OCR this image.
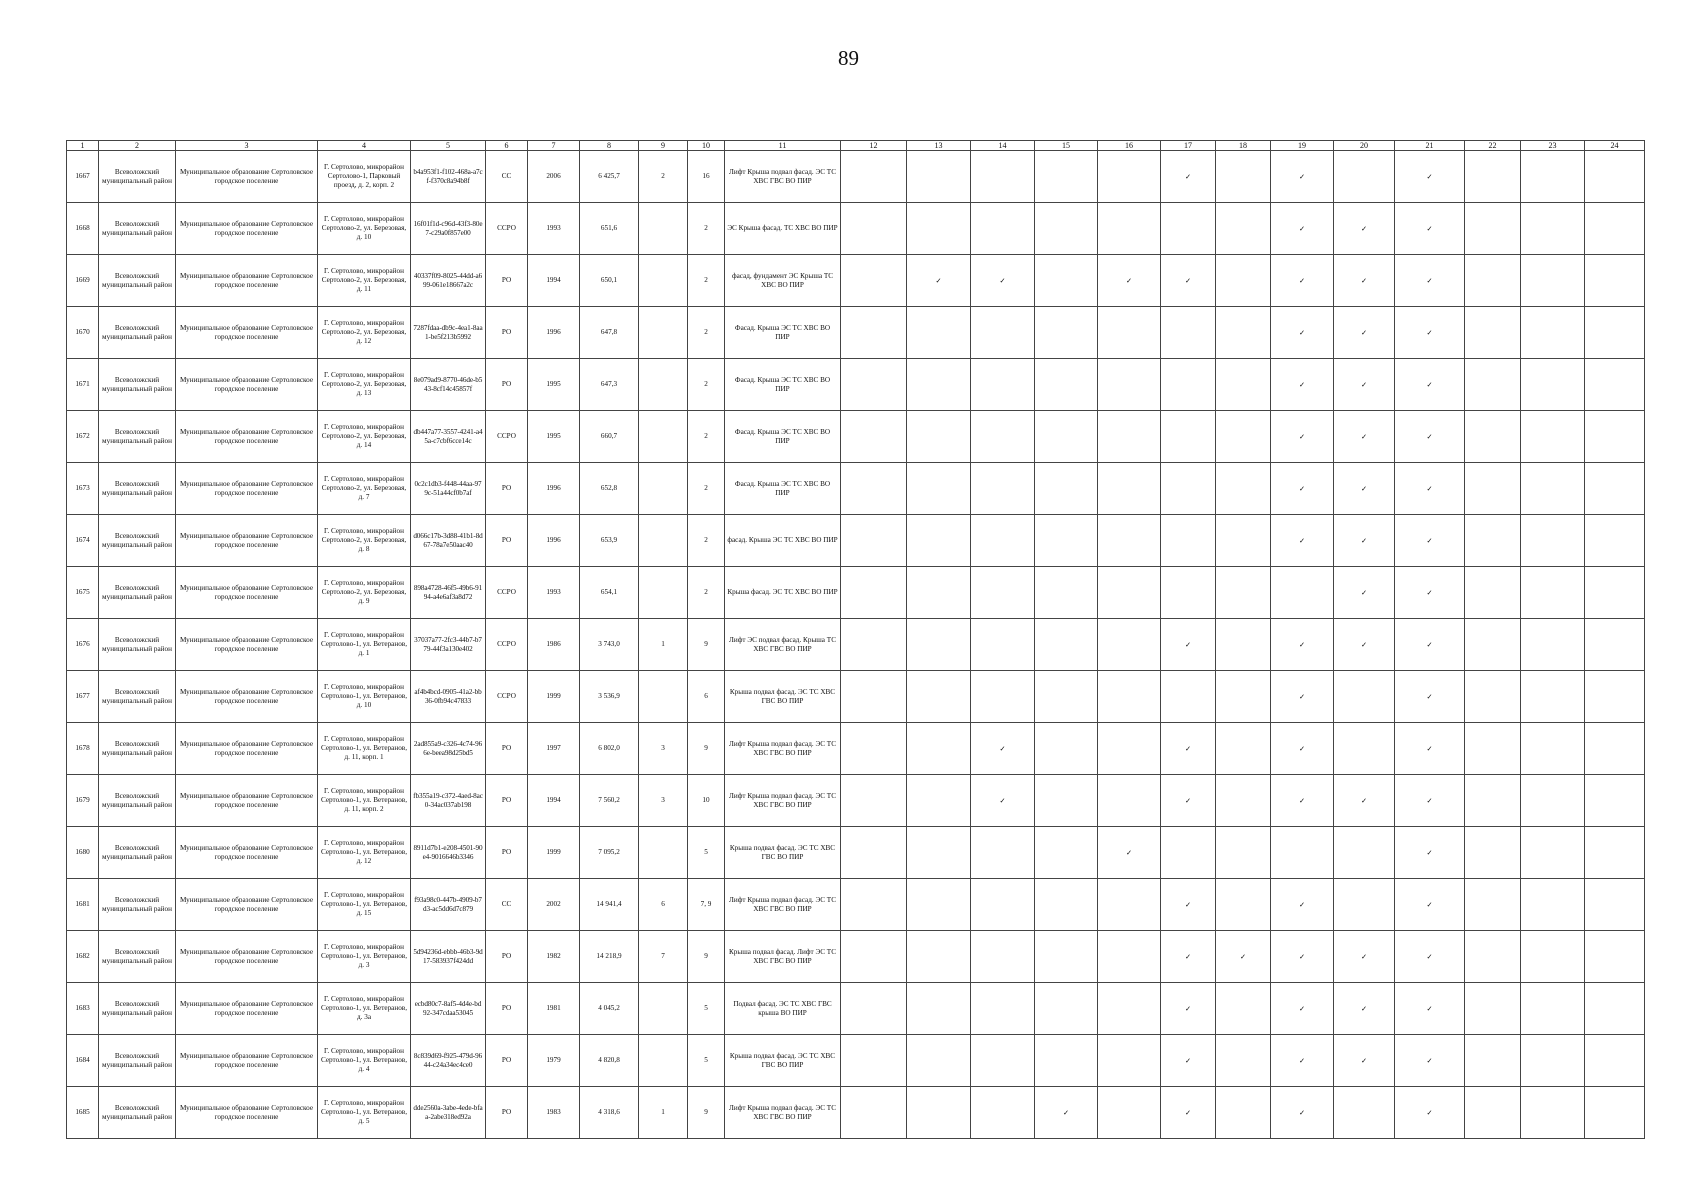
89
1	2	3	4	5	6	7	8	9	10	11	12	13	14	15	16	17	18	19	20	21	22	23	24
1667	Всеволожский муниципальный район	Муниципальное образование Сертоловское городское поселение	Г. Сертолово, микрорайон Сертолово-1, Парковый проезд, д. 2, корп. 2	b4a953f1-f102-468a-a7cf-f370c8a94b8f	СС	2006	6 425,7	2	16	Лифт Крыша подвал фасад. ЭС ТС ХВС ГВС ВО ПИР						✓		✓		✓			
1668	Всеволожский муниципальный район	Муниципальное образование Сертоловское городское поселение	Г. Сертолово, микрорайон Сертолово-2, ул. Березовая, д. 10	16f01f1d-c96d-43f3-80e7-c29a0f857e00	ССРО	1993	651,6		2	ЭС Крыша фасад. ТС ХВС ВО ПИР								✓	✓	✓			
1669	Всеволожский муниципальный район	Муниципальное образование Сертоловское городское поселение	Г. Сертолово, микрорайон Сертолово-2, ул. Березовая, д. 11	40337f09-8025-44dd-a699-061e18667a2c	РО	1994	650,1		2	фасад, фундамент ЭС Крыша ТС ХВС ВО ПИР		✓	✓		✓	✓		✓	✓	✓			
1670	Всеволожский муниципальный район	Муниципальное образование Сертоловское городское поселение	Г. Сертолово, микрорайон Сертолово-2, ул. Березовая, д. 12	7287fdaa-db9c-4ea1-8aa1-be5f213b5992	РО	1996	647,8		2	Фасад. Крыша ЭС ТС ХВС ВО ПИР								✓	✓	✓			
1671	Всеволожский муниципальный район	Муниципальное образование Сертоловское городское поселение	Г. Сертолово, микрорайон Сертолово-2, ул. Березовая, д. 13	8e079ad9-8770-46de-b543-8cf14c45857f	РО	1995	647,3		2	Фасад. Крыша ЭС ТС ХВС ВО ПИР								✓	✓	✓			
1672	Всеволожский муниципальный район	Муниципальное образование Сертоловское городское поселение	Г. Сертолово, микрорайон Сертолово-2, ул. Березовая, д. 14	db447a77-3557-4241-a45a-c7cbf6cce14c	ССРО	1995	660,7		2	Фасад. Крыша ЭС ТС ХВС ВО ПИР								✓	✓	✓			
1673	Всеволожский муниципальный район	Муниципальное образование Сертоловское городское поселение	Г. Сертолово, микрорайон Сертолово-2, ул. Березовая, д. 7	0c2c1db3-f448-44aa-979c-51a44cf0b7af	РО	1996	652,8		2	Фасад. Крыша ЭС ТС ХВС ВО ПИР								✓	✓	✓			
1674	Всеволожский муниципальный район	Муниципальное образование Сертоловское городское поселение	Г. Сертолово, микрорайон Сертолово-2, ул. Березовая, д. 8	d066c17b-3d88-41b1-8d67-78a7e50aac40	РО	1996	653,9		2	фасад. Крыша ЭС ТС ХВС ВО ПИР								✓	✓	✓			
1675	Всеволожский муниципальный район	Муниципальное образование Сертоловское городское поселение	Г. Сертолово, микрорайон Сертолово-2, ул. Березовая, д. 9	898a4728-46f5-49b6-9194-a4e6af3a8d72	ССРО	1993	654,1		2	Крыша фасад. ЭС ТС ХВС ВО ПИР									✓	✓			
1676	Всеволожский муниципальный район	Муниципальное образование Сертоловское городское поселение	Г. Сертолово, микрорайон Сертолово-1, ул. Ветеранов, д. 1	37037a77-2fc3-44b7-b779-44f3a130e402	ССРО	1986	3 743,0	1	9	Лифт ЭС подвал фасад. Крыша ТС ХВС ГВС ВО ПИР						✓		✓	✓	✓			
1677	Всеволожский муниципальный район	Муниципальное образование Сертоловское городское поселение	Г. Сертолово, микрорайон Сертолово-1, ул. Ветеранов, д. 10	af4b4bcd-0905-41a2-bb36-0fb94c47833	ССРО	1999	3 536,9		6	Крыша подвал фасад. ЭС ТС ХВС ГВС ВО ПИР								✓		✓			
1678	Всеволожский муниципальный район	Муниципальное образование Сертоловское городское поселение	Г. Сертолово, микрорайон Сертолово-1, ул. Ветеранов, д. 11, корп. 1	2ad855a9-c326-4c74-966e-beea98d25bd5	РО	1997	6 802,0	3	9	Лифт Крыша подвал фасад. ЭС ТС ХВС ГВС ВО ПИР			✓			✓		✓		✓			
1679	Всеволожский муниципальный район	Муниципальное образование Сертоловское городское поселение	Г. Сертолово, микрорайон Сертолово-1, ул. Ветеранов, д. 11, корп. 2	fb355a19-c372-4aed-8ac0-34ac037ab198	РО	1994	7 560,2	3	10	Лифт Крыша подвал фасад. ЭС ТС ХВС ГВС ВО ПИР			✓			✓		✓	✓	✓			
1680	Всеволожский муниципальный район	Муниципальное образование Сертоловское городское поселение	Г. Сертолово, микрорайон Сертолово-1, ул. Ветеранов, д. 12	8911d7b1-e208-4501-90e4-9016646b3346	РО	1999	7 095,2		5	Крыша подвал фасад. ЭС ТС ХВС ГВС ВО ПИР					✓					✓			
1681	Всеволожский муниципальный район	Муниципальное образование Сертоловское городское поселение	Г. Сертолово, микрорайон Сертолово-1, ул. Ветеранов, д. 15	f93a98c0-447b-4909-b7d3-ac5dd6d7c879	СС	2002	14 941,4	6	7, 9	Лифт Крыша подвал фасад. ЭС ТС ХВС ГВС ВО ПИР						✓		✓		✓			
1682	Всеволожский муниципальный район	Муниципальное образование Сертоловское городское поселение	Г. Сертолово, микрорайон Сертолово-1, ул. Ветеранов, д. 3	5d94236d-ebbb-46b3-9d17-583937f424dd	РО	1982	14 218,9	7	9	Крыша подвал фасад. Лифт ЭС ТС ХВС ГВС ВО ПИР						✓	✓	✓	✓	✓			
1683	Всеволожский муниципальный район	Муниципальное образование Сертоловское городское поселение	Г. Сертолово, микрорайон Сертолово-1, ул. Ветеранов, д. 3а	ecbd80c7-8af5-4d4e-bd92-347cdaa53045	РО	1981	4 045,2		5	Подвал фасад. ЭС ТС ХВС ГВС крыша ВО ПИР						✓		✓	✓	✓			
1684	Всеволожский муниципальный район	Муниципальное образование Сертоловское городское поселение	Г. Сертолово, микрорайон Сертолово-1, ул. Ветеранов, д. 4	8c839d69-f925-479d-9644-c24a34ec4ce0	РО	1979	4 820,8		5	Крыша подвал фасад. ЭС ТС ХВС ГВС ВО ПИР						✓		✓	✓	✓			
1685	Всеволожский муниципальный район	Муниципальное образование Сертоловское городское поселение	Г. Сертолово, микрорайон Сертолово-1, ул. Ветеранов, д. 5	dde2560a-3abe-4ede-bfaa-2abe318ed92a	РО	1983	4 318,6	1	9	Лифт Крыша подвал фасад. ЭС ТС ХВС ГВС ВО ПИР				✓		✓		✓		✓			
